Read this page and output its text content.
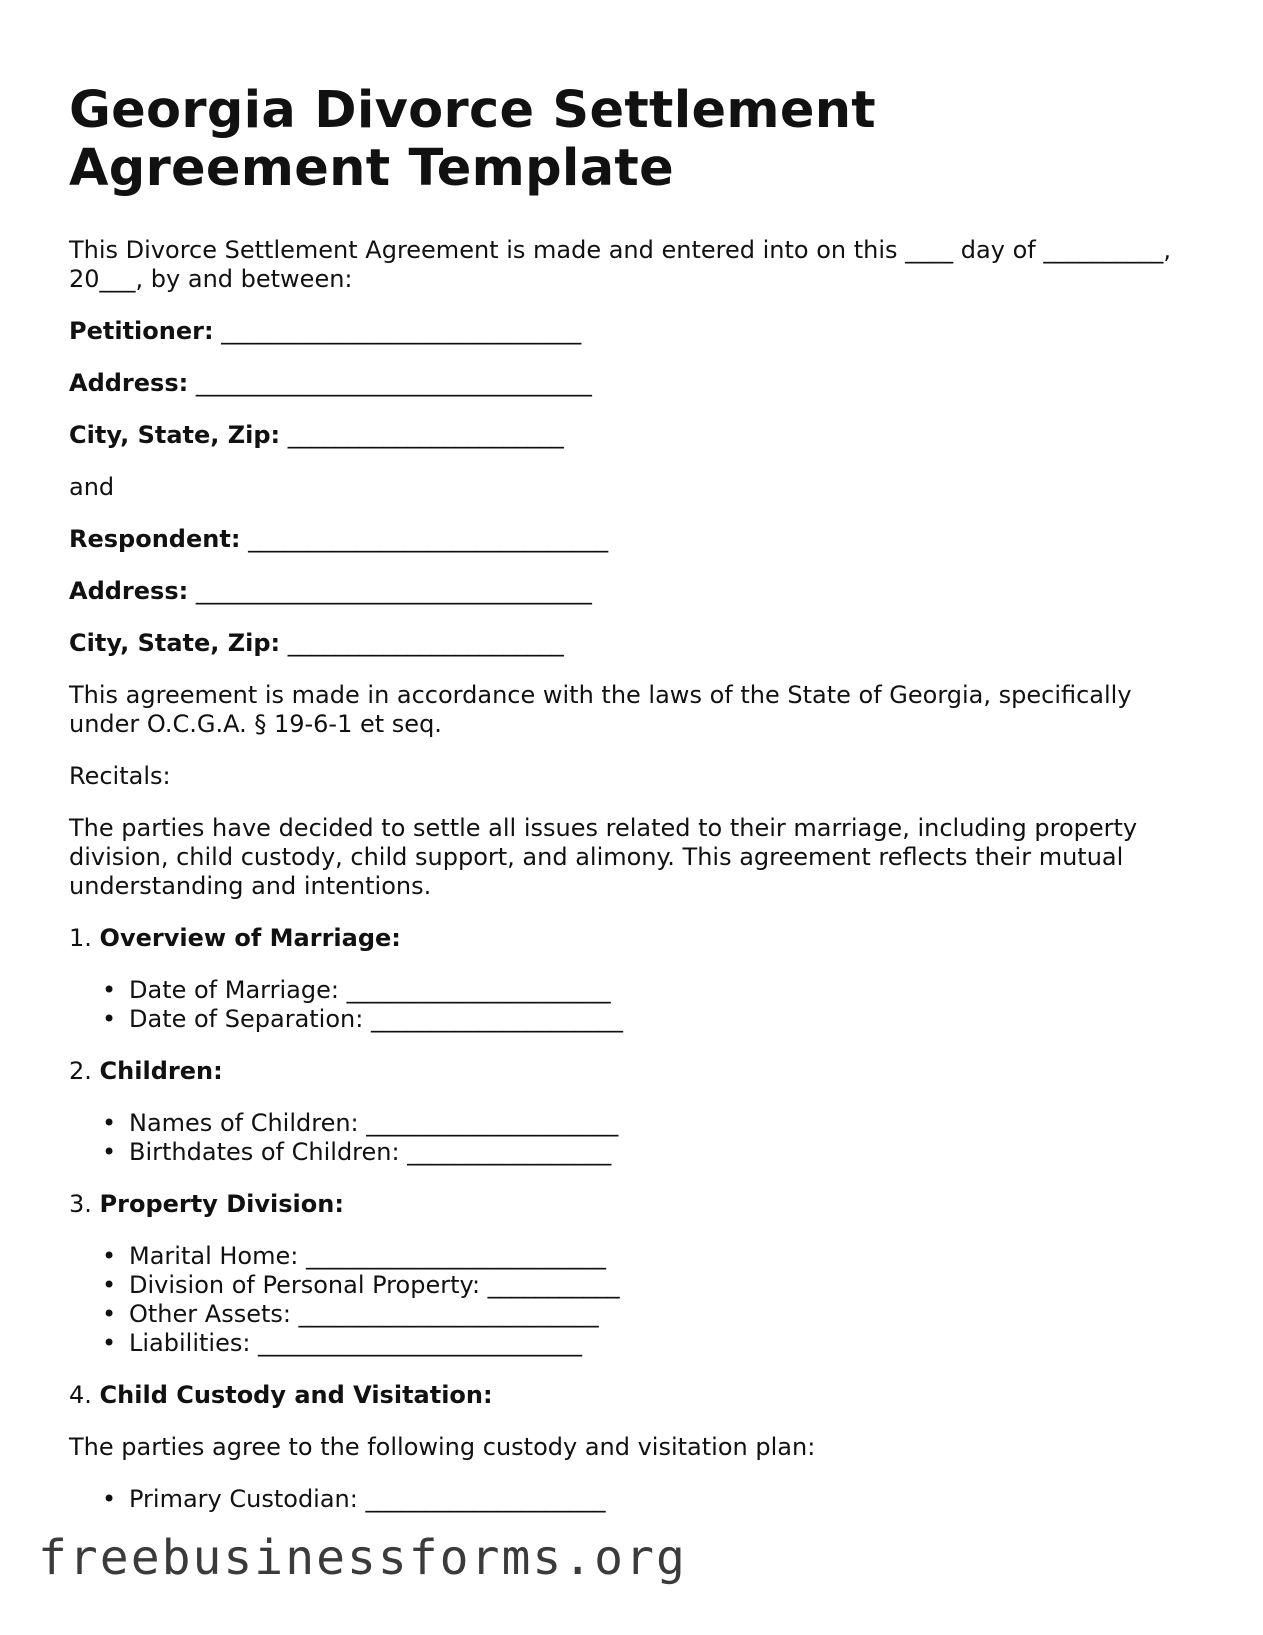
Georgia Divorce Settlement Agreement Template

This Divorce Settlement Agreement is made and entered into on this ____ day of __________, 20___, by and between:

Petitioner: ______________________________

Address: _________________________________

City, State, Zip: _______________________

and

Respondent: ______________________________

Address: _________________________________

City, State, Zip: _______________________

This agreement is made in accordance with the laws of the State of Georgia, specifically under O.C.G.A. § 19-6-1 et seq.

Recitals:

The parties have decided to settle all issues related to their marriage, including property division, child custody, child support, and alimony. This agreement reflects their mutual understanding and intentions.

1. Overview of Marriage:
• Date of Marriage: ______________________
• Date of Separation: _____________________
2. Children:
• Names of Children: _____________________
• Birthdates of Children: _________________
3. Property Division:
• Marital Home: _________________________
• Division of Personal Property: ___________
• Other Assets: _________________________
• Liabilities: ___________________________
4. Child Custody and Visitation:

The parties agree to the following custody and visitation plan:

• Primary Custodian: ____________________
freebusinessforms.org
